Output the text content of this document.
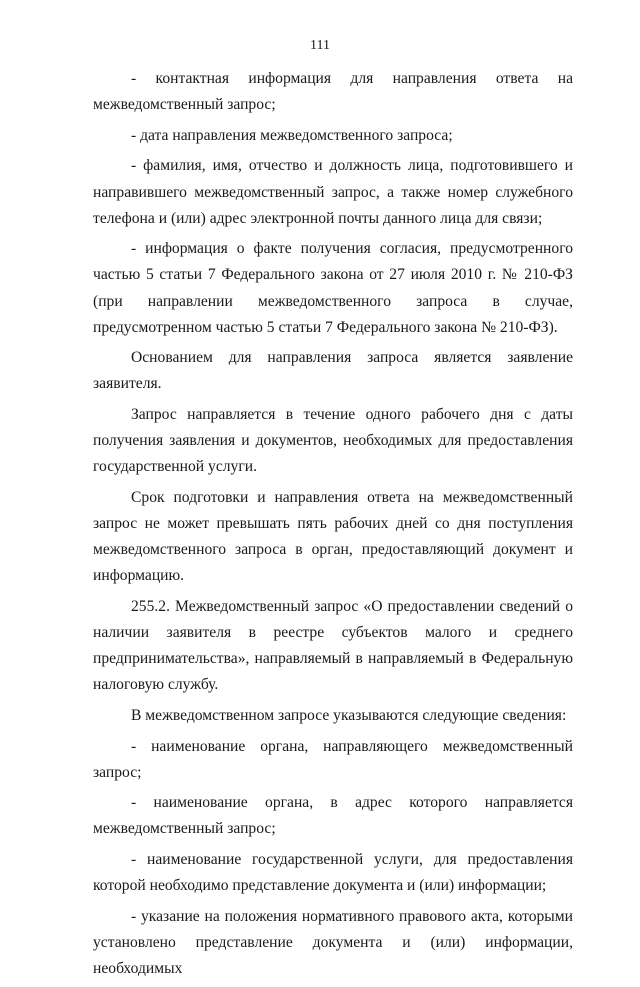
111

- контактная информация для направления ответа на межведомственный запрос;

- дата направления межведомственного запроса;

- фамилия, имя, отчество и должность лица, подготовившего и направившего межведомственный запрос, а также номер служебного телефона и (или) адрес электронной почты данного лица для связи;

- информация о факте получения согласия, предусмотренного частью 5 статьи 7 Федерального закона от 27 июля 2010 г. № 210-ФЗ (при направлении межведомственного запроса в случае, предусмотренном частью 5 статьи 7 Федерального закона № 210-ФЗ).

Основанием для направления запроса является заявление заявителя.

Запрос направляется в течение одного рабочего дня с даты получения заявления и документов, необходимых для предоставления государственной услуги.

Срок подготовки и направления ответа на межведомственный запрос не может превышать пять рабочих дней со дня поступления межведомственного запроса в орган, предоставляющий документ и информацию.

255.2. Межведомственный запрос «О предоставлении сведений о наличии заявителя в реестре субъектов малого и среднего предпринимательства», направляемый в направляемый в Федеральную налоговую службу.

В межведомственном запросе указываются следующие сведения:

- наименование органа, направляющего межведомственный запрос;

- наименование органа, в адрес которого направляется межведомственный запрос;

- наименование государственной услуги, для предоставления которой необходимо представление документа и (или) информации;

- указание на положения нормативного правового акта, которыми установлено представление документа и (или) информации, необходимых
